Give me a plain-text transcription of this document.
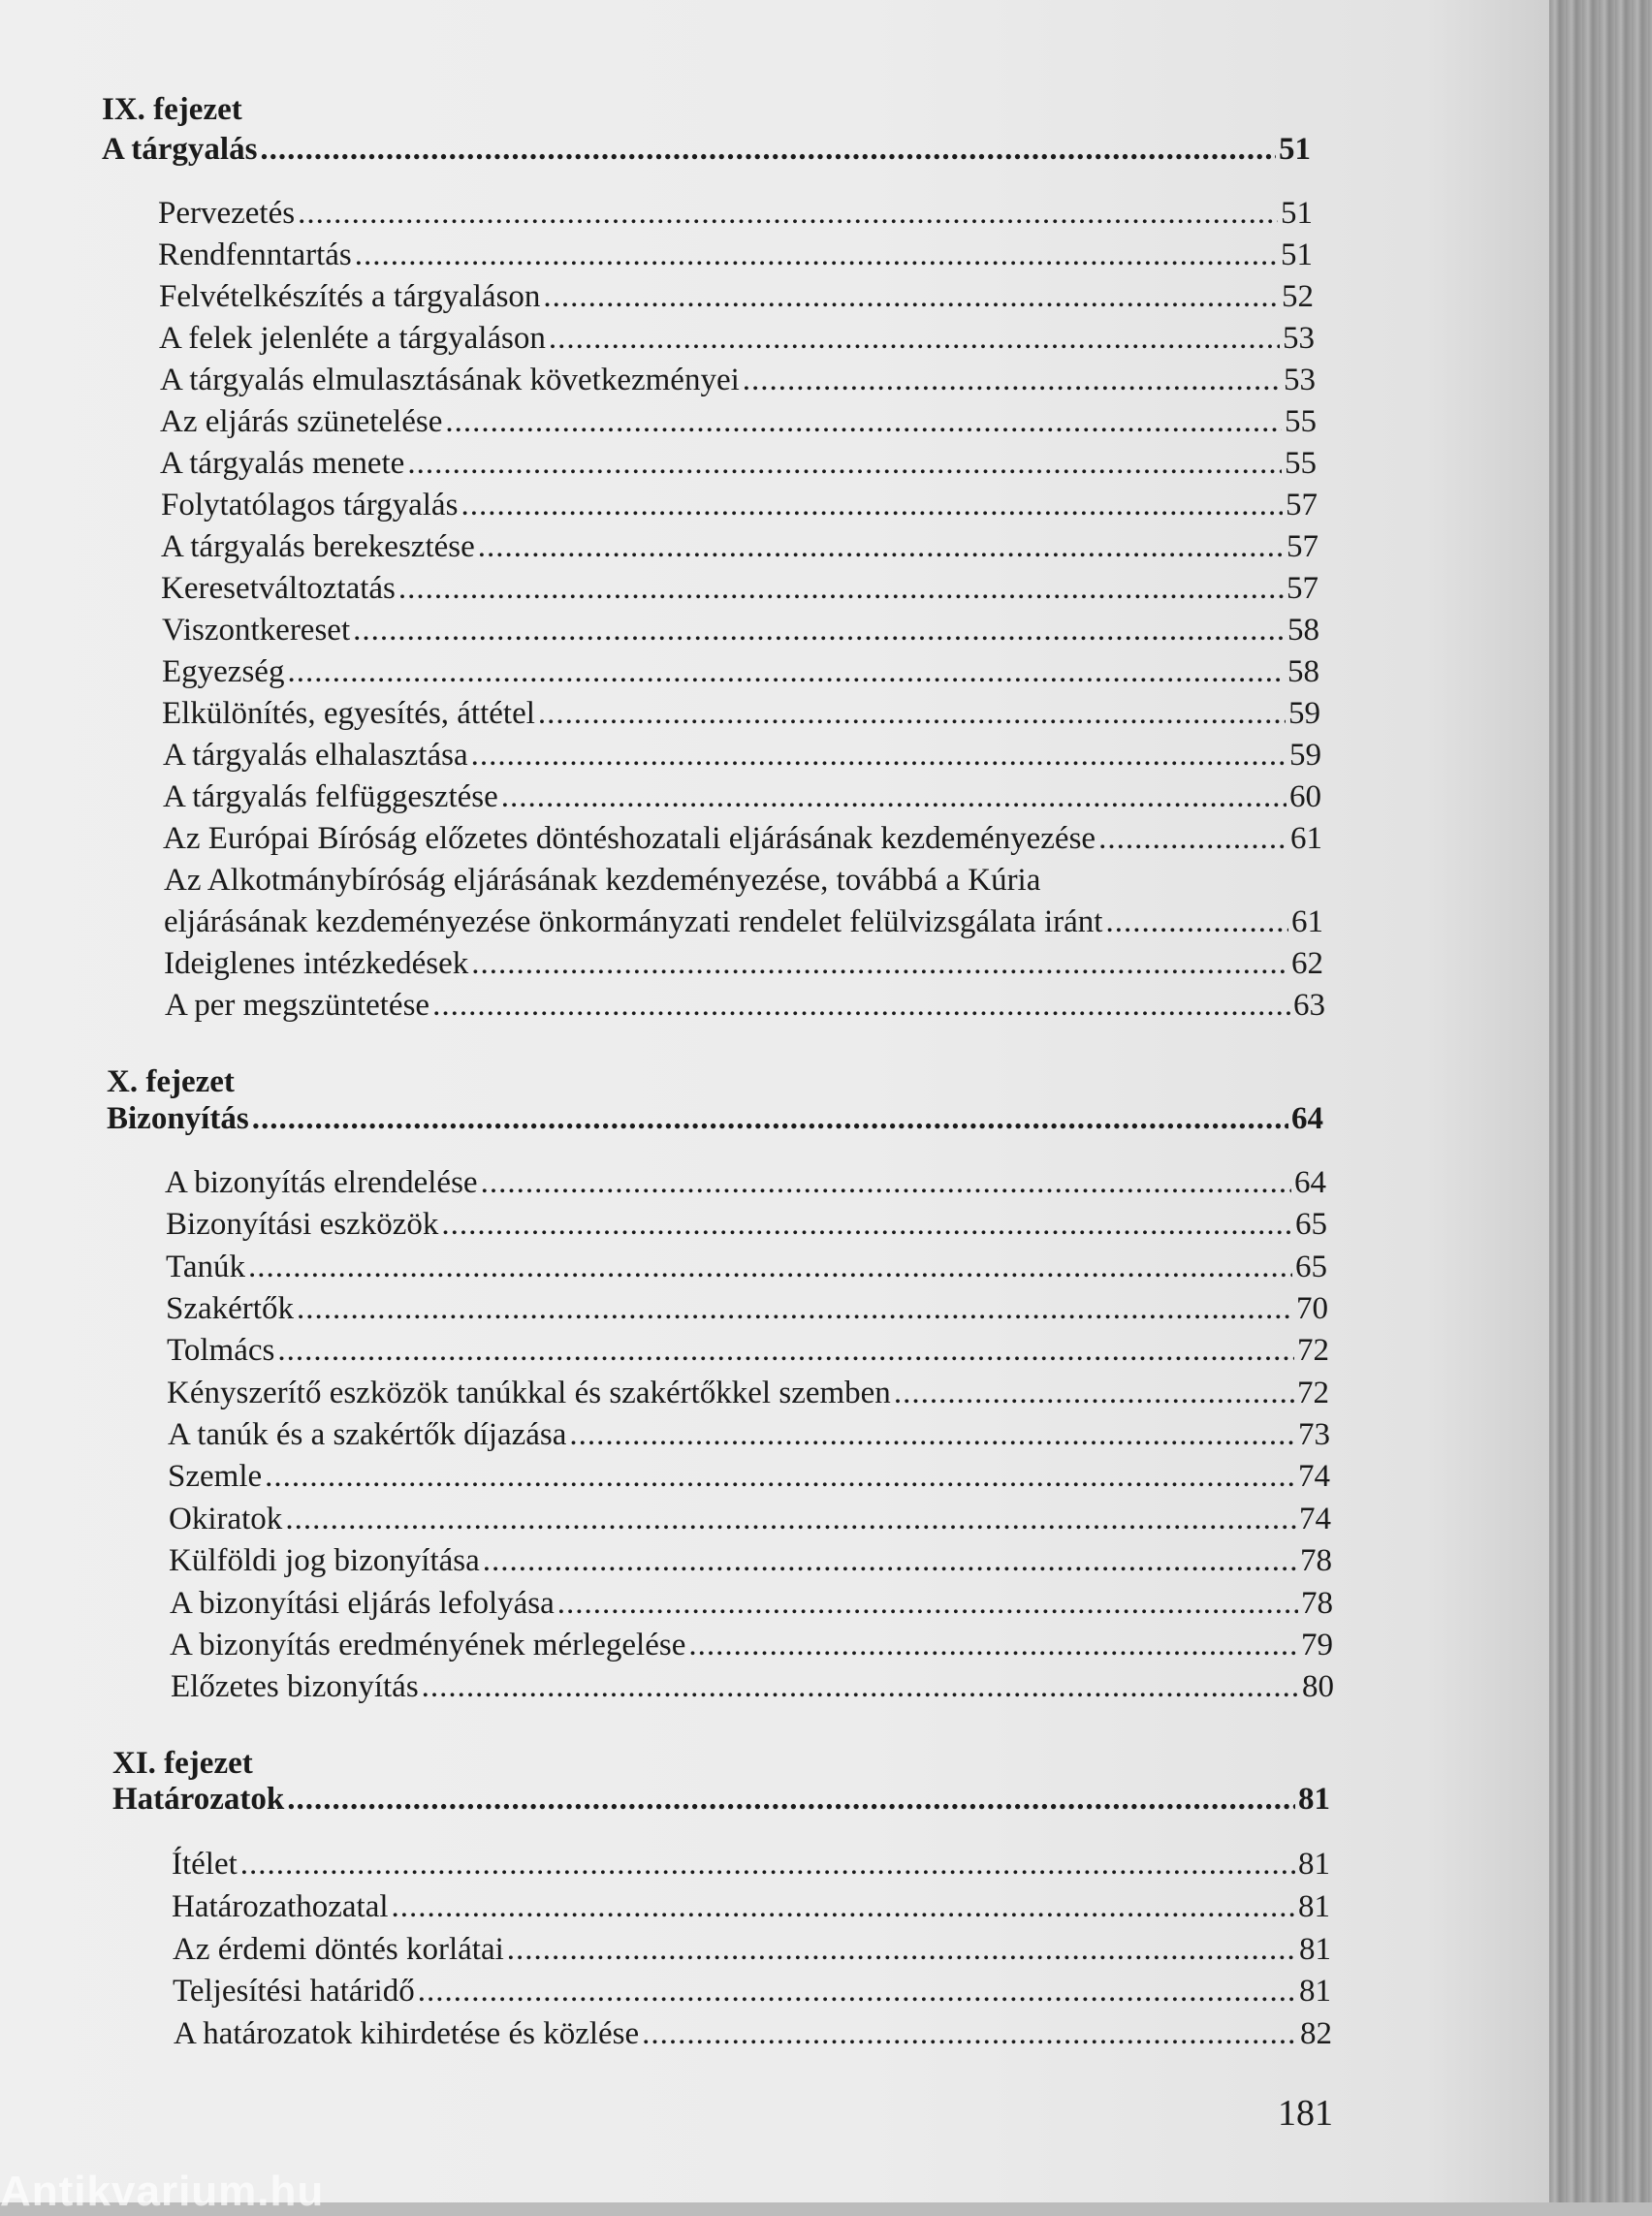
IX. fejezet
A tárgyalás .....	51
Pervezetés .....	51
Rendfenntartás .....	51
Felvételkészítés a tárgyaláson .....	52
A felek jelenléte a tárgyaláson .....	53
A tárgyalás elmulasztásának következményei .....	53
Az eljárás szünetelése .....	55
A tárgyalás menete .....	55
Folytatólagos tárgyalás .....	57
A tárgyalás berekesztése .....	57
Keresetváltoztatás .....	57
Viszontkereset .....	58
Egyezség .....	58
Elkülönítés, egyesítés, áttétel .....	59
A tárgyalás elhalasztása .....	59
A tárgyalás felfüggesztése .....	60
Az Európai Bíróság előzetes döntéshozatali eljárásának kezdeményezése .....	61
Az Alkotmánybíróság eljárásának kezdeményezése, továbbá a Kúria
eljárásának kezdeményezése önkormányzati rendelet felülvizsgálata iránt .....	61
Ideiglenes intézkedések .....	62
A per megszüntetése .....	63
X. fejezet
Bizonyítás .....	64
A bizonyítás elrendelése .....	64
Bizonyítási eszközök .....	65
Tanúk .....	65
Szakértők .....	70
Tolmács .....	72
Kényszerítő eszközök tanúkkal és szakértőkkel szemben .....	72
A tanúk és a szakértők díjazása .....	73
Szemle .....	74
Okiratok .....	74
Külföldi jog bizonyítása .....	78
A bizonyítási eljárás lefolyása .....	78
A bizonyítás eredményének mérlegelése .....	79
Előzetes bizonyítás .....	80
XI. fejezet
Határozatok .....	81
Ítélet .....	81
Határozathozatal .....	81
Az érdemi döntés korlátai .....	81
Teljesítési határidő .....	81
A határozatok kihirdetése és közlése .....	82
181
Antikvarium.hu
